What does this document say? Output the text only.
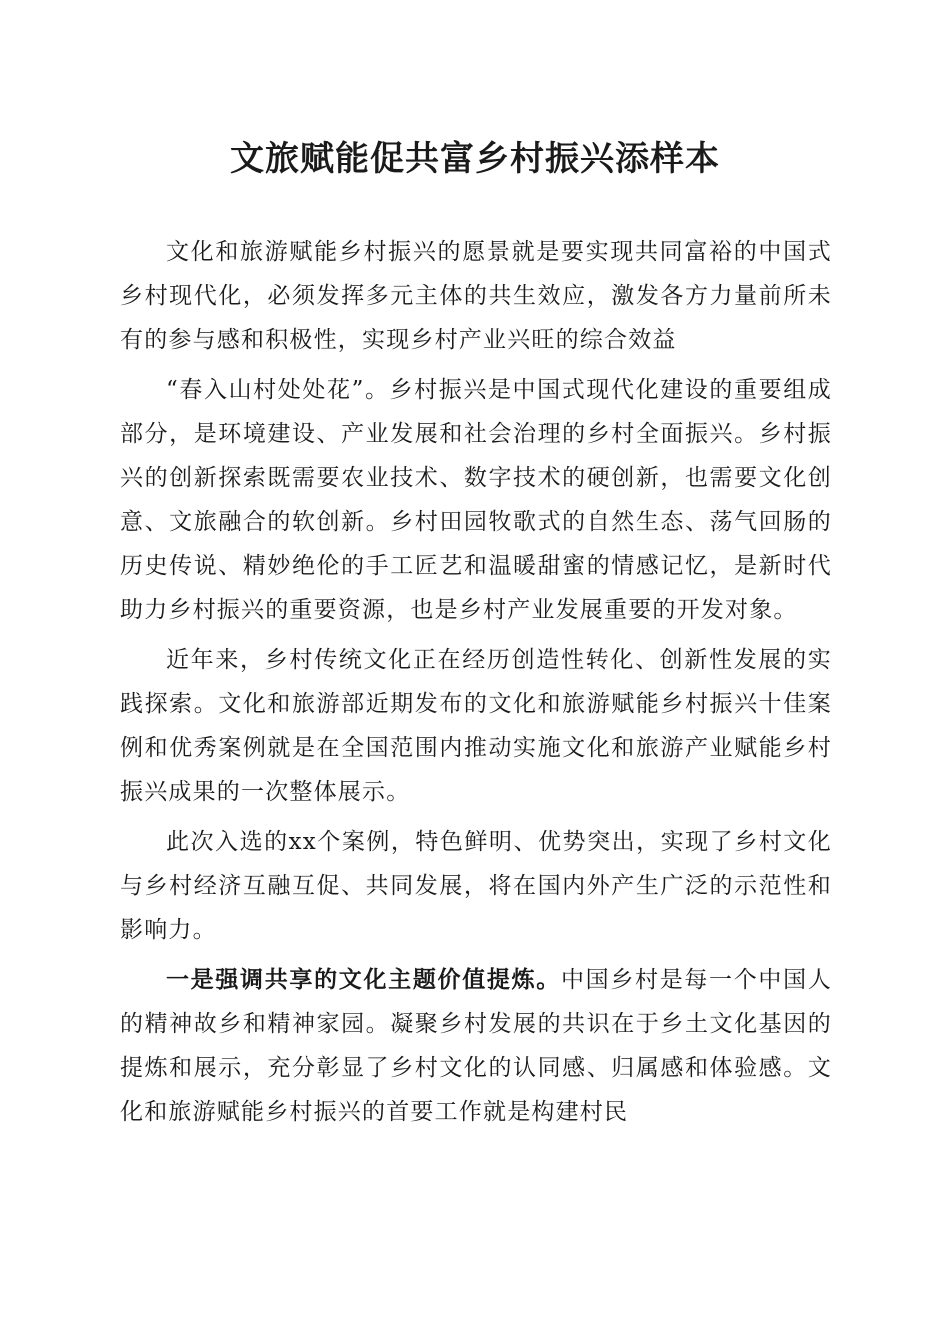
文旅赋能促共富乡村振兴添样本

文化和旅游赋能乡村振兴的愿景就是要实现共同富裕的中国式乡村现代化，必须发挥多元主体的共生效应，激发各方力量前所未有的参与感和积极性，实现乡村产业兴旺的综合效益

“春入山村处处花”。乡村振兴是中国式现代化建设的重要组成部分，是环境建设、产业发展和社会治理的乡村全面振兴。乡村振兴的创新探索既需要农业技术、数字技术的硬创新，也需要文化创意、文旅融合的软创新。乡村田园牧歌式的自然生态、荡气回肠的历史传说、精妙绝伦的手工匠艺和温暖甜蜜的情感记忆，是新时代助力乡村振兴的重要资源，也是乡村产业发展重要的开发对象。

近年来，乡村传统文化正在经历创造性转化、创新性发展的实践探索。文化和旅游部近期发布的文化和旅游赋能乡村振兴十佳案例和优秀案例就是在全国范围内推动实施文化和旅游产业赋能乡村振兴成果的一次整体展示。

此次入选的xx个案例，特色鲜明、优势突出，实现了乡村文化与乡村经济互融互促、共同发展，将在国内外产生广泛的示范性和影响力。

一是强调共享的文化主题价值提炼。中国乡村是每一个中国人的精神故乡和精神家园。凝聚乡村发展的共识在于乡土文化基因的提炼和展示，充分彰显了乡村文化的认同感、归属感和体验感。文化和旅游赋能乡村振兴的首要工作就是构建村民
